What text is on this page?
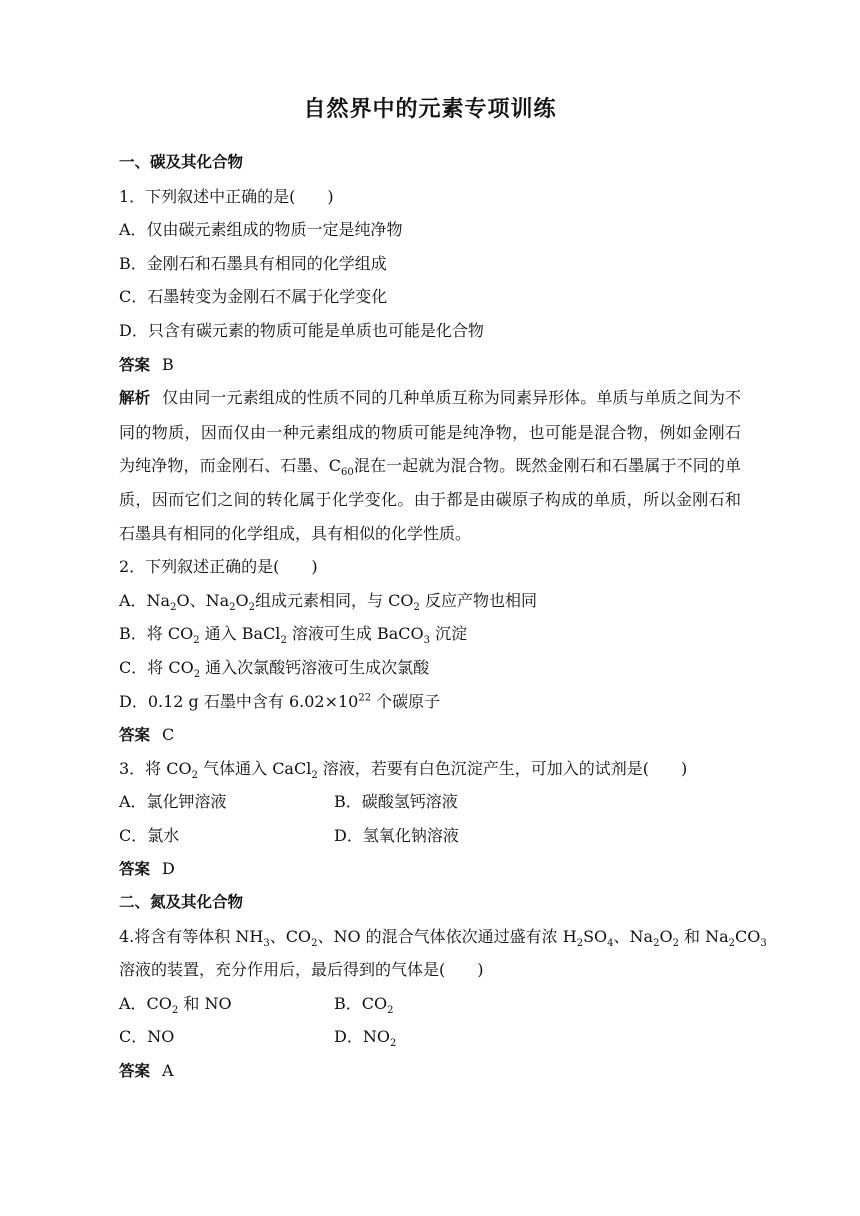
自然界中的元素专项训练
一、碳及其化合物
1．下列叙述中正确的是(　　)
A．仅由碳元素组成的物质一定是纯净物
B．金刚石和石墨具有相同的化学组成
C．石墨转变为金刚石不属于化学变化
D．只含有碳元素的物质可能是单质也可能是化合物
答案 B
解析 仅由同一元素组成的性质不同的几种单质互称为同素异形体。单质与单质之间为不同的物质，因而仅由一种元素组成的物质可能是纯净物，也可能是混合物，例如金刚石为纯净物，而金刚石、石墨、$C_{60}$混在一起就为混合物。既然金刚石和石墨属于不同的单质，因而它们之间的转化属于化学变化。由于都是由碳原子构成的单质，所以金刚石和石墨具有相同的化学组成，具有相似的化学性质。
2．下列叙述正确的是(　　)
A．$Na_2O$、$Na_2O_2$组成元素相同，与 $CO_2$ 反应产物也相同
B．将 $CO_2$ 通入 BaCl$_2$ 溶液可生成 BaCO$_3$ 沉淀
C．将 $CO_2$ 通入次氯酸钙溶液可生成次氯酸
D．0.12 g 石墨中含有 $6.02\times 10^{22}$ 个碳原子
答案 C
3．将 $CO_2$ 气体通入 CaCl$_2$ 溶液，若要有白色沉淀产生，可加入的试剂是(　　)
A．氯化钾溶液	B．碳酸氢钙溶液
C．氯水	D．氢氧化钠溶液
答案 D
二、氮及其化合物
4.将含有等体积 $NH_3$、$CO_2$、NO 的混合气体依次通过盛有浓 $H_2SO_4$、$Na_2O_2$ 和 $Na_2CO_3$
溶液的装置，充分作用后，最后得到的气体是(　　)
A．$CO_2$ 和 NO	B．$CO_2$
C．NO	D．$NO_2$
答案 A
